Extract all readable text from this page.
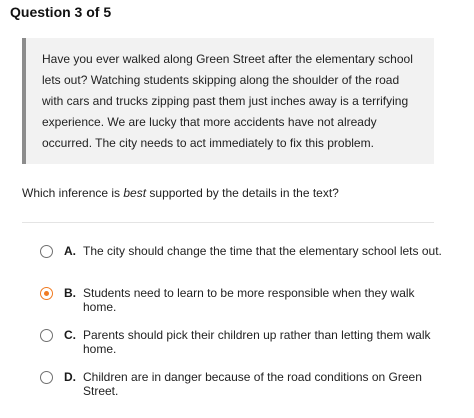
Question 3 of 5
Have you ever walked along Green Street after the elementary school lets out? Watching students skipping along the shoulder of the road with cars and trucks zipping past them just inches away is a terrifying experience. We are lucky that more accidents have not already occurred. The city needs to act immediately to fix this problem.
Which inference is best supported by the details in the text?
A. The city should change the time that the elementary school lets out.
B. Students need to learn to be more responsible when they walk home.
C. Parents should pick their children up rather than letting them walk home.
D. Children are in danger because of the road conditions on Green Street.
